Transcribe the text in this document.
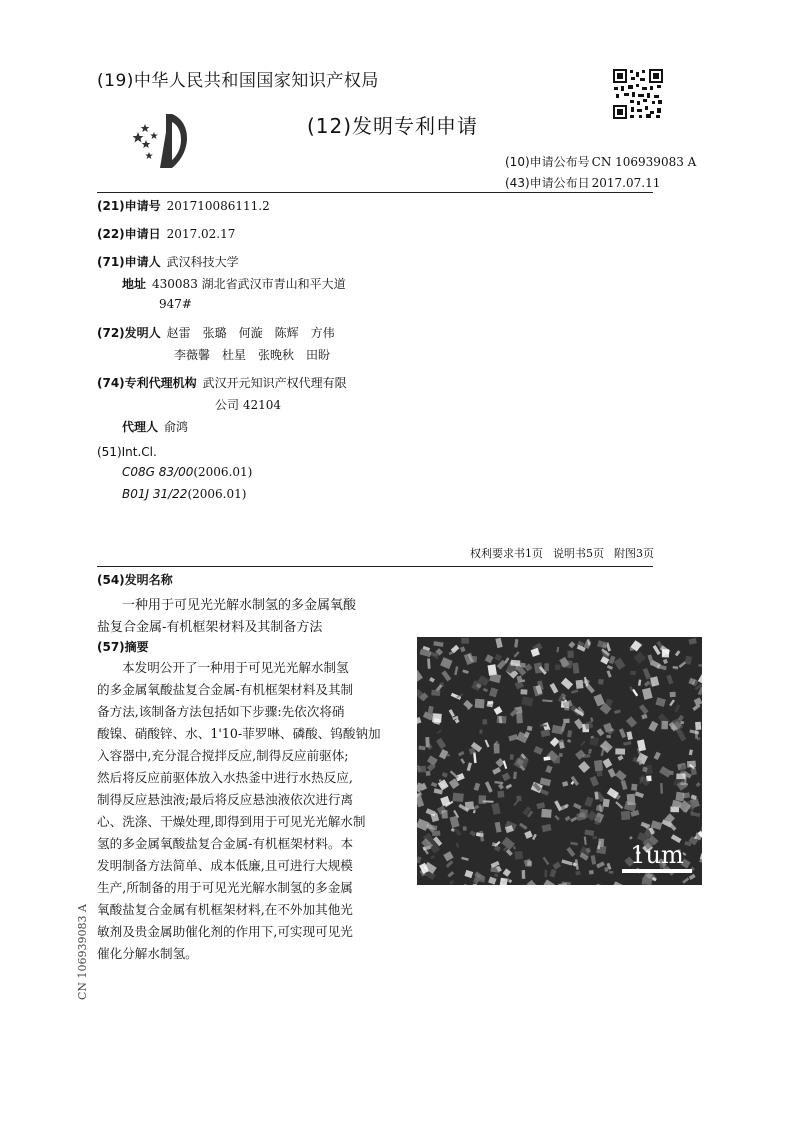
(19)中华人民共和国国家知识产权局
(12)发明专利申请
(10)申请公布号 CN 106939083 A
(43)申请公布日 2017.07.11
(21)申请号 201710086111.2
(22)申请日 2017.02.17
(71)申请人 武汉科技大学
地址 430083 湖北省武汉市青山和平大道
947#
(72)发明人 赵雷　张璐　何漩　陈辉　方伟
李薇馨　杜星　张晚秋　田盼
(74)专利代理机构 武汉开元知识产权代理有限
公司 42104
代理人 俞鸿
(51)Int.Cl.
C08G 83/00(2006.01)
B01J 31/22(2006.01)
权利要求书1页 说明书5页 附图3页
(54)发明名称
一种用于可见光光解水制氢的多金属氧酸
盐复合金属-有机框架材料及其制备方法
(57)摘要
本发明公开了一种用于可见光光解水制氢
的多金属氧酸盐复合金属-有机框架材料及其制
备方法,该制备方法包括如下步骤:先依次将硝
酸镍、硝酸锌、水、1'10-菲罗啉、磷酸、钨酸钠加
入容器中,充分混合搅拌反应,制得反应前驱体;
然后将反应前驱体放入水热釜中进行水热反应,
制得反应悬浊液;最后将反应悬浊液依次进行离
心、洗涤、干燥处理,即得到用于可见光光解水制
氢的多金属氧酸盐复合金属-有机框架材料。本
发明制备方法简单、成本低廉,且可进行大规模
生产,所制备的用于可见光光解水制氢的多金属
氧酸盐复合金属有机框架材料,在不外加其他光
敏剂及贵金属助催化剂的作用下,可实现可见光
催化分解水制氢。
1um
CN 106939083 A
